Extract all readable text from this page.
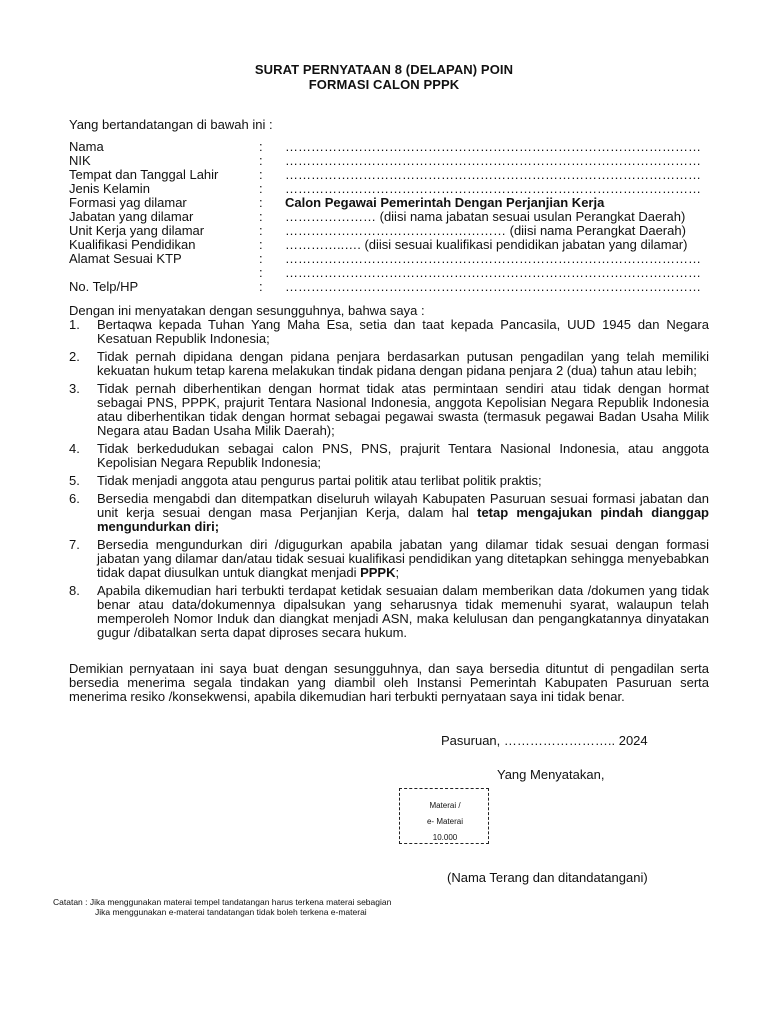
SURAT PERNYATAAN 8 (DELAPAN) POIN
FORMASI CALON PPPK
Yang bertandatangan di bawah ini :
Nama	: ……………………………………………………………………………………
NIK	: ……………………………………………………………………………………
Tempat dan Tanggal Lahir	: ……………………………………………………………………………………
Jenis Kelamin	: ……………………………………………………………………………………
Formasi yag dilamar	: Calon Pegawai Pemerintah Dengan Perjanjian Kerja
Jabatan yang dilamar	: ………………… (diisi nama jabatan sesuai usulan Perangkat Daerah)
Unit Kerja yang dilamar	: …………………………………………… (diisi nama Perangkat Daerah)
Kualifikasi Pendidikan	: …………..…. (diisi sesuai kualifikasi pendidikan jabatan yang dilamar)
Alamat Sesuai KTP	: ……………………………………………………………………………………
: ……………………………………………………………………………………
No. Telp/HP	: ……………………………………………………………………………………
Dengan ini menyatakan dengan sesungguhnya, bahwa saya :
1. Bertaqwa kepada Tuhan Yang Maha Esa, setia dan taat kepada Pancasila, UUD 1945 dan Negara Kesatuan Republik Indonesia;
2. Tidak pernah dipidana dengan pidana penjara berdasarkan putusan pengadilan yang telah memiliki kekuatan hukum tetap karena melakukan tindak pidana dengan pidana penjara 2 (dua) tahun atau lebih;
3. Tidak pernah diberhentikan dengan hormat tidak atas permintaan sendiri atau tidak dengan hormat sebagai PNS, PPPK, prajurit Tentara Nasional Indonesia, anggota Kepolisian Negara Republik Indonesia atau diberhentikan tidak dengan hormat sebagai pegawai swasta (termasuk pegawai Badan Usaha Milik Negara atau Badan Usaha Milik Daerah);
4. Tidak berkedudukan sebagai calon PNS, PNS, prajurit Tentara Nasional Indonesia, atau anggota Kepolisian Negara Republik Indonesia;
5. Tidak menjadi anggota atau pengurus partai politik atau terlibat politik praktis;
6. Bersedia mengabdi dan ditempatkan diseluruh wilayah Kabupaten Pasuruan sesuai formasi jabatan dan unit kerja sesuai dengan masa Perjanjian Kerja, dalam hal tetap mengajukan pindah dianggap mengundurkan diri;
7. Bersedia mengundurkan diri /digugurkan apabila jabatan yang dilamar tidak sesuai dengan formasi jabatan yang dilamar dan/atau tidak sesuai kualifikasi pendidikan yang ditetapkan sehingga menyebabkan tidak dapat diusulkan untuk diangkat menjadi PPPK;
8. Apabila dikemudian hari terbukti terdapat ketidak sesuaian dalam memberikan data /dokumen yang tidak benar atau data/dokumennya dipalsukan yang seharusnya tidak memenuhi syarat, walaupun telah memperoleh Nomor Induk dan diangkat menjadi ASN, maka kelulusan dan pengangkatannya dinyatakan gugur /dibatalkan serta dapat diproses secara hukum.
Demikian pernyataan ini saya buat dengan sesungguhnya, dan saya bersedia dituntut di pengadilan serta bersedia menerima segala tindakan yang diambil oleh Instansi Pemerintah Kabupaten Pasuruan serta menerima resiko /konsekwensi, apabila dikemudian hari terbukti pernyataan saya ini tidak benar.
Pasuruan, …………………….. 2024
Yang Menyatakan,
Materai /
e- Materai
10.000
(Nama Terang dan ditandatangani)
Catatan : Jika menggunakan materai tempel tandatangan harus terkena materai sebagian
Jika menggunakan e-materai tandatangan tidak boleh terkena e-materai
